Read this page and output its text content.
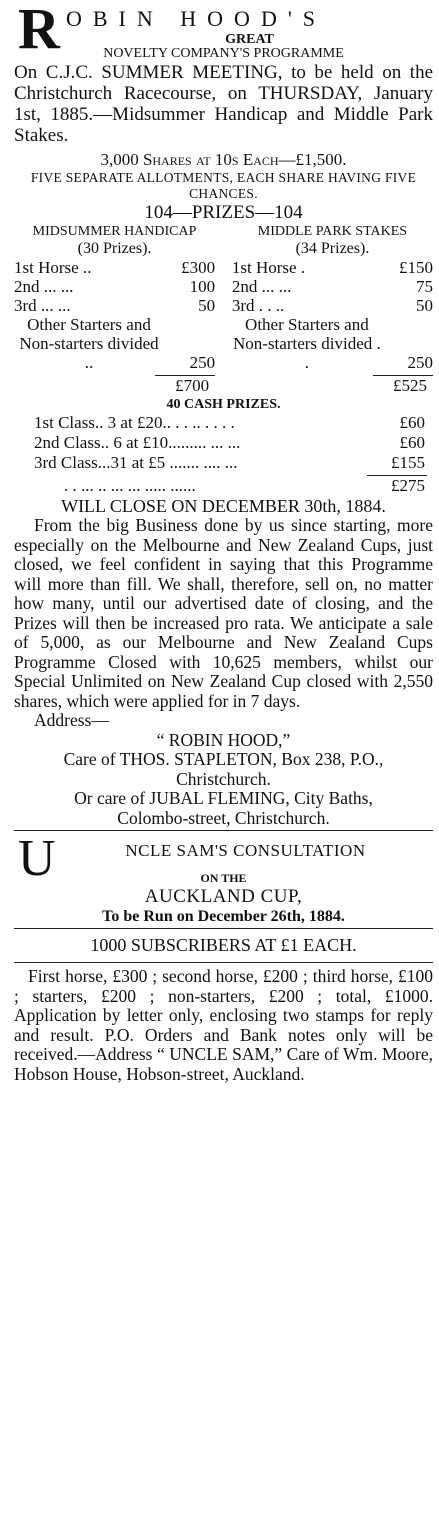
R OBIN HOOD'S
GREAT
NOVELTY COMPANY'S PROGRAMME
On C.J.C. SUMMER MEETING, to be held on the Christchurch Racecourse, on THURSDAY, January 1st, 1885.—Midsummer Handicap and Middle Park Stakes.
3,000 Shares at 10s Each—£1,500.
FIVE SEPARATE ALLOTMENTS, EACH SHARE HAVING FIVE CHANCES.
104—PRIZES—104
MIDSUMMER HANDICAP
(30 Prizes).
1st Horse ..	£300
2nd ... ...	100
3rd ... ...	50
Other Starters and Non-starters divided ..	250
£700
MIDDLE PARK STAKES
(34 Prizes).
1st Horse .	£150
2nd ... ...	75
3rd . . ..	50
Other Starters and Non-starters divided . .	250
£525
40 CASH PRIZES.
1st Class.. 3 at £20.. . . .. . . . .	£60
2nd Class.. 6 at £10......... ... ...	£60
3rd Class...31 at £5 ....... .... ...	£155
. . ... .. ... ... ..... ......	£275
WILL CLOSE ON DECEMBER 30th, 1884.
From the big Business done by us since starting, more especially on the Melbourne and New Zealand Cups, just closed, we feel confident in saying that this Programme will more than fill. We shall, therefore, sell on, no matter how many, until our advertised date of closing, and the Prizes will then be increased pro rata. We anticipate a sale of 5,000, as our Melbourne and New Zealand Cups Programme Closed with 10,625 members, whilst our Special Unlimited on New Zealand Cup closed with 2,550 shares, which were applied for in 7 days.
Address—
“ ROBIN HOOD,”
Care of THOS. STAPLETON, Box 238, P.O.,
Christchurch.
Or care of JUBAL FLEMING, City Baths,
Colombo-street, Christchurch.
U	NCLE SAM'S CONSULTATION
ON THE
AUCKLAND CUP,
To be Run on December 26th, 1884.
1000 SUBSCRIBERS AT £1 EACH.
First horse, £300 ; second horse, £200 ; third horse, £100 ; starters, £200 ; non-starters, £200 ; total, £1000. Application by letter only, enclosing two stamps for reply and result. P.O. Orders and Bank notes only will be received.—Address “ UNCLE SAM,” Care of Wm. Moore, Hobson House, Hobson-street, Auckland.
